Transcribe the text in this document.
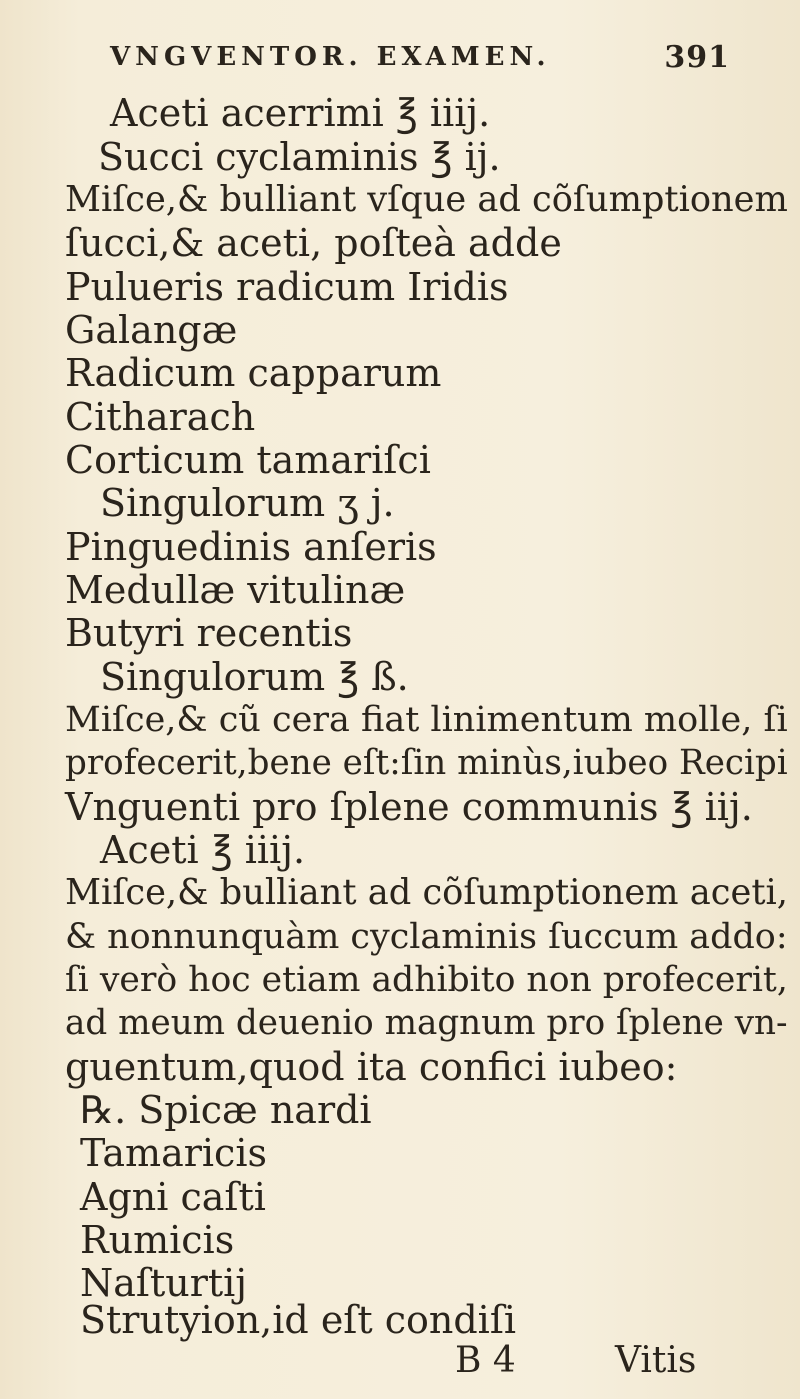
VNGVENTOR. EXAMEN.	391
Aceti acerrimi ℥ iiij.
Succi cyclaminis ℥ ij.
Miſce,& bulliant vſque ad cõſumptionem
ſucci,& aceti, poſteà adde
Pulueris radicum Iridis
Galangæ
Radicum capparum
Citharach
Corticum tamariſci
Singulorum ʒ j.
Pinguedinis anſeris
Medullæ vitulinæ
Butyri recentis
Singulorum ℥ ß.
Miſce,& cũ cera fiat linimentum molle, ſi
profecerit,bene eſt:ſin minùs,iubeo Recipi
Vnguenti pro ſplene communis ℥ iij.
Aceti ℥ iiij.
Miſce,& bulliant ad cõſumptionem aceti,
& nonnunquàm cyclaminis ſuccum addo:
ſi verò hoc etiam adhibito non profecerit,
ad meum deuenio magnum pro ſplene vn-
guentum,quod ita confici iubeo:
℞. Spicæ nardi
Tamaricis
Agni caſti
Rumicis
Naſturtij
Strutyion,id eſt condiſi
B 4	Vitis
